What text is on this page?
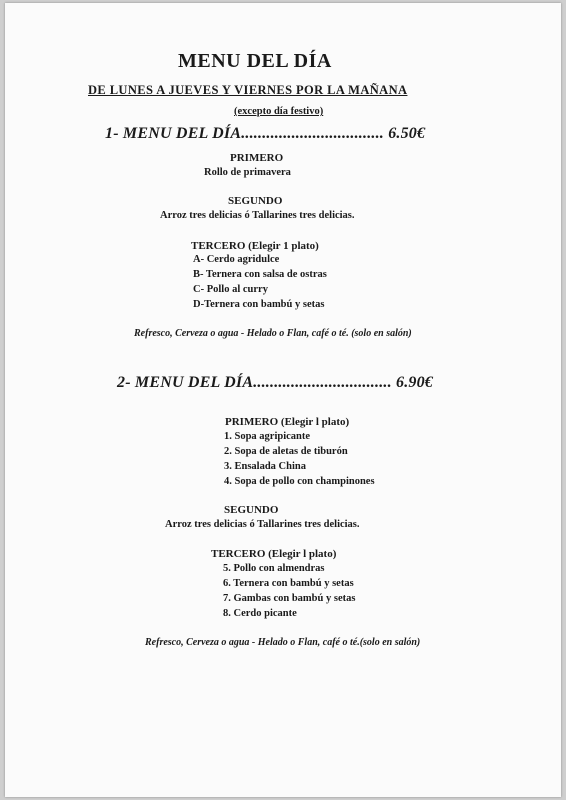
MENU DEL DÍA
DE LUNES A JUEVES Y VIERNES POR LA MAÑANA
(excepto día festivo)
1- MENU DEL DÍA.................................. 6.50€
PRIMERO
Rollo de primavera
SEGUNDO
Arroz tres delicias ó Tallarines tres delicias.
TERCERO (Elegir 1 plato)
A- Cerdo agridulce
B- Ternera con salsa de ostras
C- Pollo al curry
D-Ternera con bambú y setas
Refresco, Cerveza o agua - Helado o Flan, café o té. (solo en salón)
2- MENU DEL DÍA................................. 6.90€
PRIMERO (Elegir l plato)
1. Sopa agripicante
2. Sopa de aletas de tiburón
3. Ensalada China
4. Sopa de pollo con champinones
SEGUNDO
Arroz tres delicias ó Tallarines tres delicias.
TERCERO (Elegir l plato)
5. Pollo con almendras
6. Ternera con bambú y setas
7. Gambas con bambú y setas
8. Cerdo picante
Refresco, Cerveza o agua - Helado o Flan, café o té.(solo en salón)
